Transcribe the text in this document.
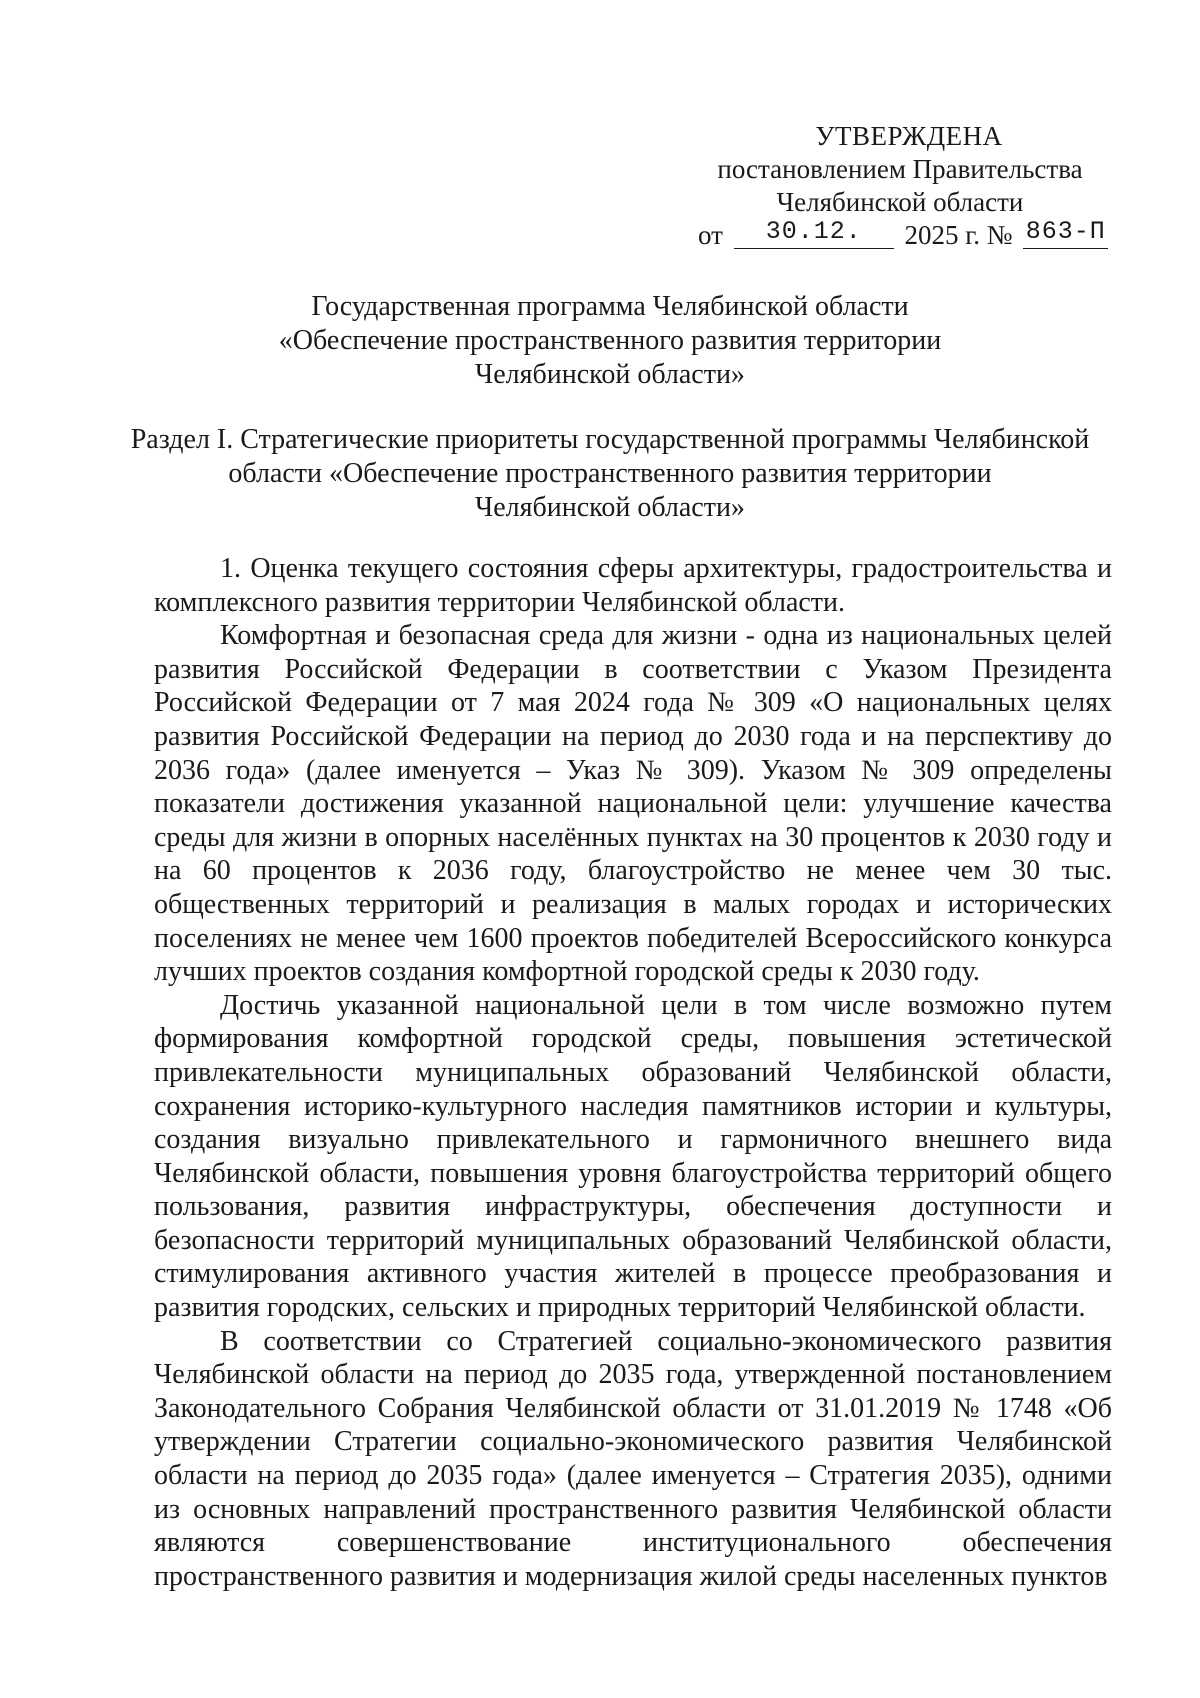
УТВЕРЖДЕНА
постановлением Правительства
Челябинской области
от 30.12. 2025 г. № 863-П
Государственная программа Челябинской области
«Обеспечение пространственного развития территории
Челябинской области»
Раздел I. Стратегические приоритеты государственной программы Челябинской
области «Обеспечение пространственного развития территории
Челябинской области»

1. Оценка текущего состояния сферы архитектуры, градостроительства и комплексного развития территории Челябинской области.

Комфортная и безопасная среда для жизни - одна из национальных целей развития Российской Федерации в соответствии с Указом Президента Российской Федерации от 7 мая 2024 года № 309 «О национальных целях развития Российской Федерации на период до 2030 года и на перспективу до 2036 года» (далее именуется – Указ № 309). Указом № 309 определены показатели достижения указанной национальной цели: улучшение качества среды для жизни в опорных населённых пунктах на 30 процентов к 2030 году и на 60 процентов к 2036 году, благоустройство не менее чем 30 тыс. общественных территорий и реализация в малых городах и исторических поселениях не менее чем 1600 проектов победителей Всероссийского конкурса лучших проектов создания комфортной городской среды к 2030 году.

Достичь указанной национальной цели в том числе возможно путем формирования комфортной городской среды, повышения эстетической привлекательности муниципальных образований Челябинской области, сохранения историко-культурного наследия памятников истории и культуры, создания визуально привлекательного и гармоничного внешнего вида Челябинской области, повышения уровня благоустройства территорий общего пользования, развития инфраструктуры, обеспечения доступности и безопасности территорий муниципальных образований Челябинской области, стимулирования активного участия жителей в процессе преобразования и развития городских, сельских и природных территорий Челябинской области.

В соответствии со Стратегией социально-экономического развития Челябинской области на период до 2035 года, утвержденной постановлением Законодательного Собрания Челябинской области от 31.01.2019 № 1748 «Об утверждении Стратегии социально-экономического развития Челябинской области на период до 2035 года» (далее именуется – Стратегия 2035), одними из основных направлений пространственного развития Челябинской области являются совершенствование институционального обеспечения пространственного развития и модернизация жилой среды населенных пунктов
